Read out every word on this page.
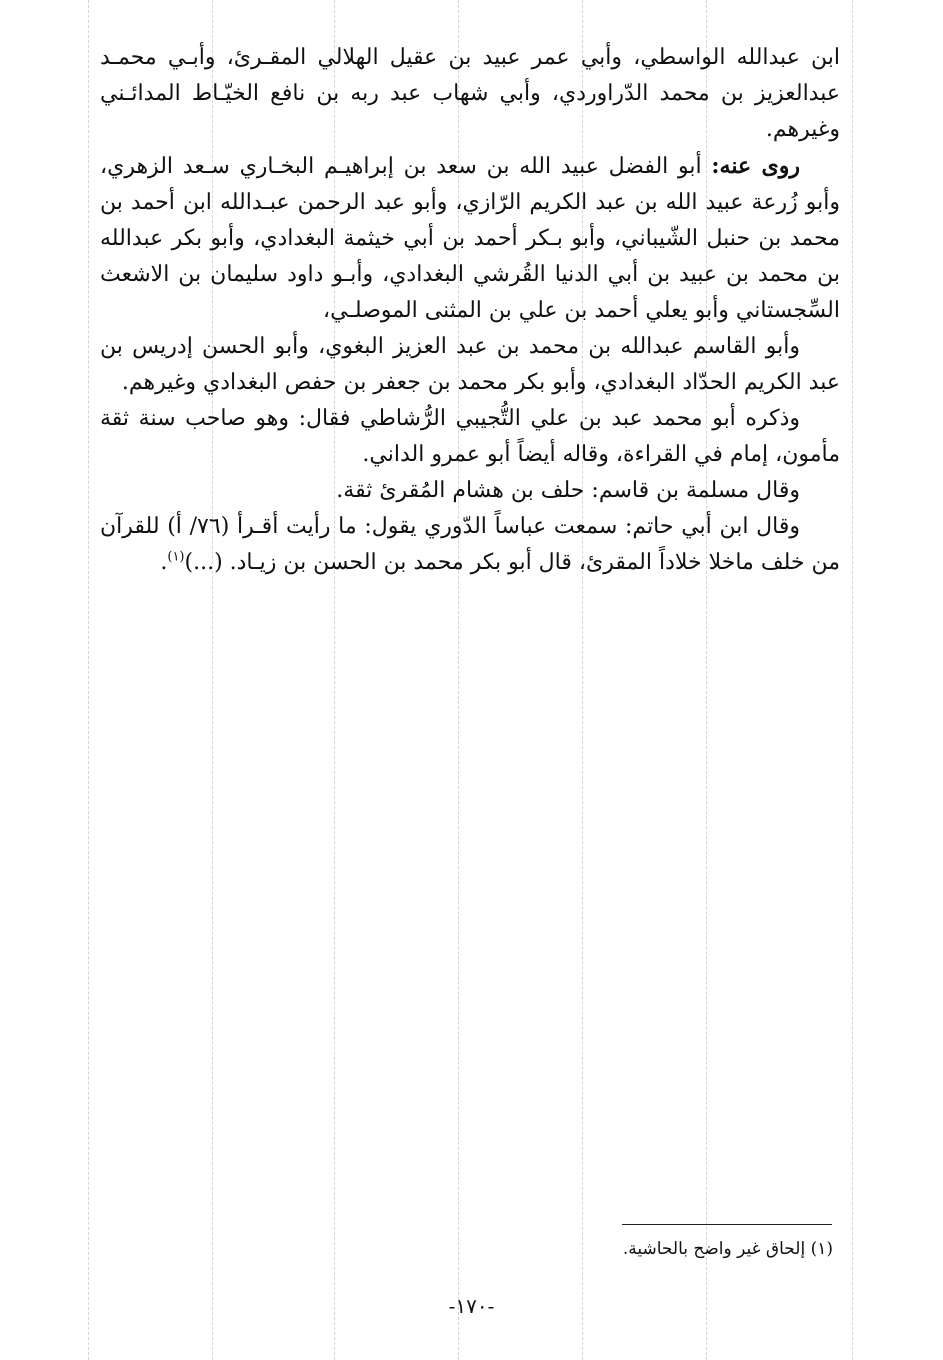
ابن عبدالله الواسطي، وأبي عمر عبيد بن عقيل الهلالي المقـرئ، وأبـي محمـد عبدالعزيز بن محمد الدّراوردي، وأبي شهاب عبد ربه بن نافع الخيّـاط المدائـني وغيرهم.

روى عنه: أبو الفضل عبيد الله بن سعد بن إبراهيـم البخـاري سـعد الزهري، وأبو زُرعة عبيد الله بن عبد الكريم الرّازي، وأبو عبد الرحمن عبـدالله ابن أحمد بن محمد بن حنبل الشّيباني، وأبو بـكر أحمد بن أبي خيثمة البغدادي، وأبو بكر عبدالله بن محمد بن عبيد بن أبي الدنيا القُرشي البغدادي، وأبـو داود سليمان بن الاشعث السِّجستاني وأبو يعلي أحمد بن علي بن المثنى الموصلـي،

وأبو القاسم عبدالله بن محمد بن عبد العزيز البغوي، وأبو الحسن إدريس بن عبد الكريم الحدّاد البغدادي، وأبو بكر محمد بن جعفر بن حفص البغدادي وغيرهم.

وذكره أبو محمد عبد بن علي التُّجيبي الرُّشاطي فقال: وهو صاحب سنة ثقة مأمون، إمام في القراءة، وقاله أيضاً أبو عمرو الداني.

وقال مسلمة بن قاسم: حلف بن هشام المُقرئ ثقة.

وقال ابن أبي حاتم: سمعت عباساً الدّوري يقول: ما رأيت أقـرأ (٧٦/ أ) للقرآن من خلف ماخلا خلاداً المقرئ، قال أبو بكر محمد بن الحسن بن زيـاد. (...)$^{(١)}$.

(١) إلحاق غير واضح بالحاشية.
-١٧٠-
